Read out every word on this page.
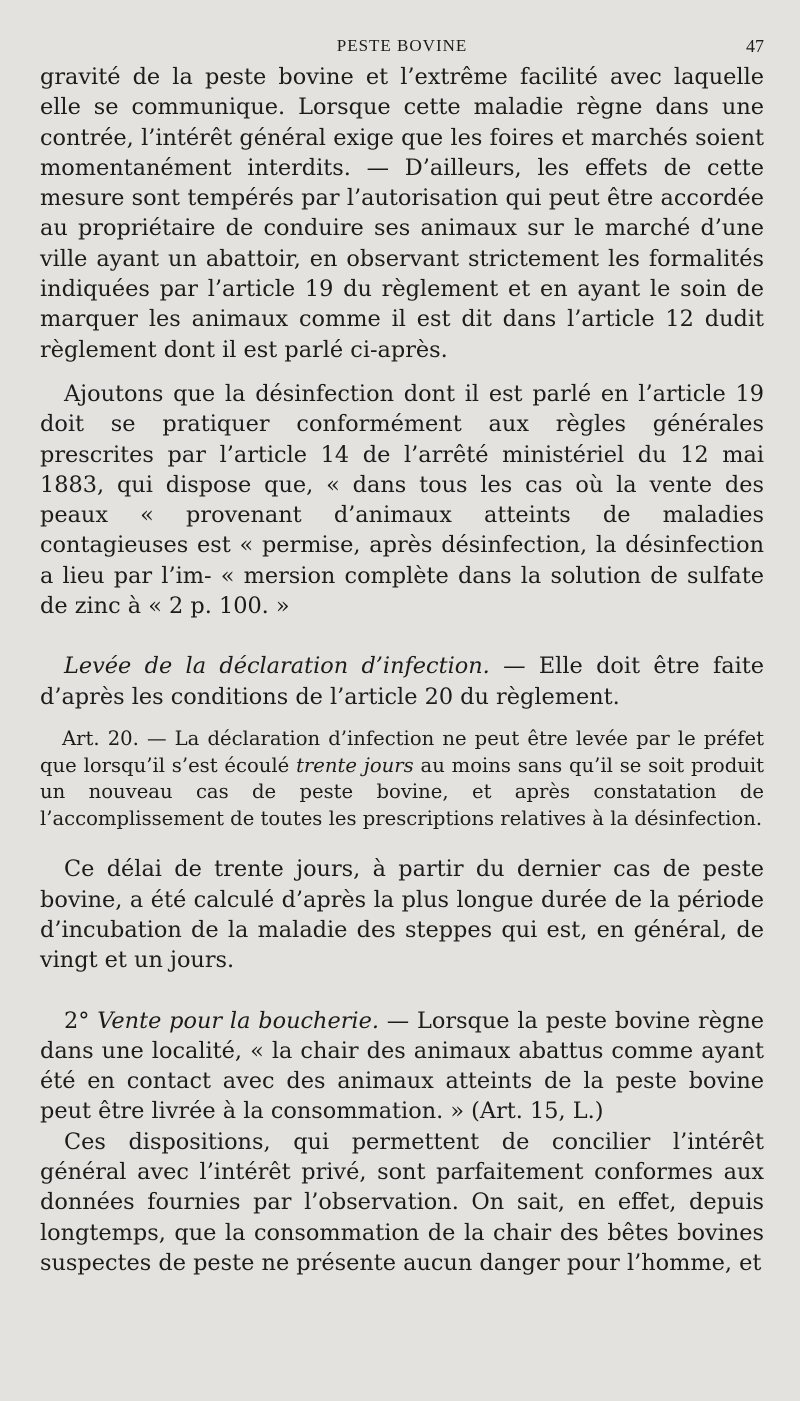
PESTE BOVINE	47

gravité de la peste bovine et l’extrême facilité avec laquelle elle se communique. Lorsque cette maladie règne dans une contrée, l’intérêt général exige que les foires et marchés soient momentanément interdits. — D’ailleurs, les effets de cette mesure sont tempérés par l’autorisation qui peut être accordée au propriétaire de conduire ses animaux sur le marché d’une ville ayant un abattoir, en observant strictement les formalités indiquées par l’article 19 du règlement et en ayant le soin de marquer les animaux comme il est dit dans l’article 12 dudit règlement dont il est parlé ci-après.

Ajoutons que la désinfection dont il est parlé en l’article 19 doit se pratiquer conformément aux règles générales prescrites par l’article 14 de l’arrêté ministériel du 12 mai 1883, qui dispose que, « dans tous les cas où la vente des peaux « provenant d’animaux atteints de maladies contagieuses est « permise, après désinfection, la désinfection a lieu par l’im- « mersion complète dans la solution de sulfate de zinc à « 2 p. 100. »

Levée de la déclaration d’infection. — Elle doit être faite d’après les conditions de l’article 20 du règlement.

Art. 20. — La déclaration d’infection ne peut être levée par le préfet que lorsqu’il s’est écoulé trente jours au moins sans qu’il se soit produit un nouveau cas de peste bovine, et après constatation de l’accomplissement de toutes les prescriptions relatives à la désinfection.

Ce délai de trente jours, à partir du dernier cas de peste bovine, a été calculé d’après la plus longue durée de la période d’incubation de la maladie des steppes qui est, en général, de vingt et un jours.

2° Vente pour la boucherie. — Lorsque la peste bovine règne dans une localité, « la chair des animaux abattus comme ayant été en contact avec des animaux atteints de la peste bovine peut être livrée à la consommation. » (Art. 15, L.)

Ces dispositions, qui permettent de concilier l’intérêt général avec l’intérêt privé, sont parfaitement conformes aux données fournies par l’observation. On sait, en effet, depuis longtemps, que la consommation de la chair des bêtes bovines suspectes de peste ne présente aucun danger pour l’homme, et
